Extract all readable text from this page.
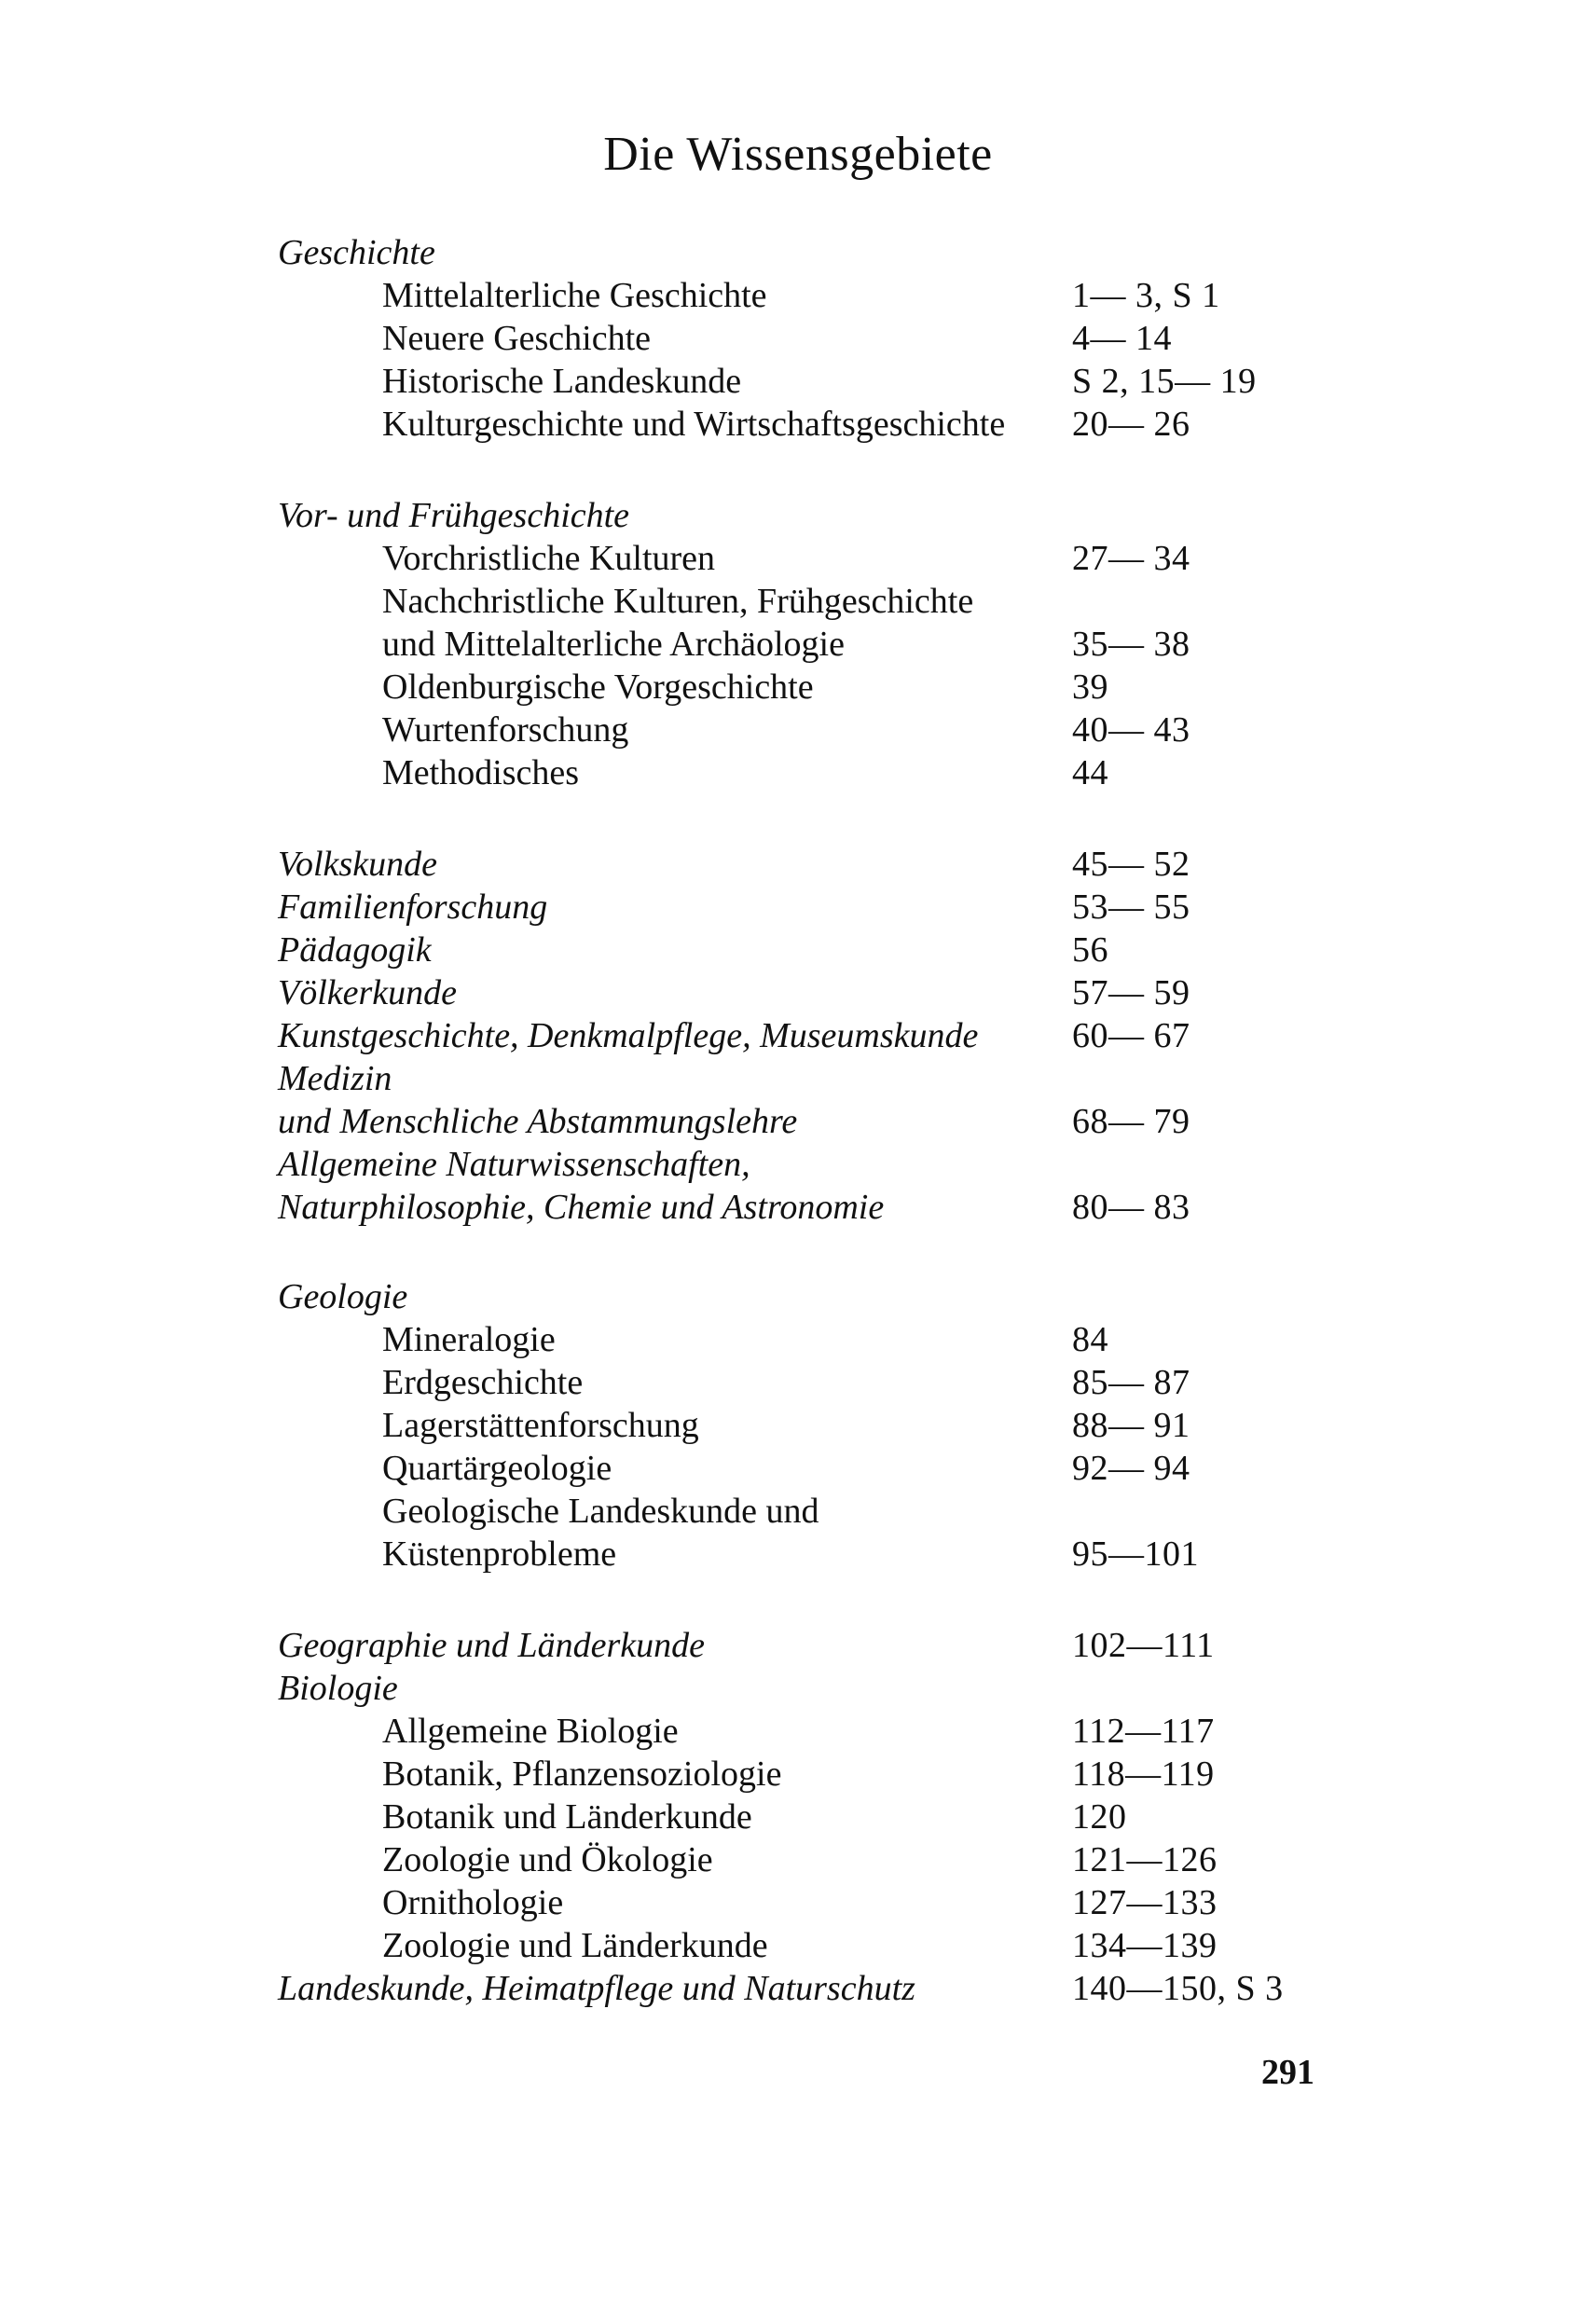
Die Wissensgebiete
Geschichte
Mittelalterliche Geschichte	1— 3, S 1
Neuere Geschichte	4— 14
Historische Landeskunde	S 2, 15— 19
Kulturgeschichte und Wirtschaftsgeschichte 20— 26
Vor- und Frühgeschichte
Vorchristliche Kulturen	27— 34
Nachchristliche Kulturen, Frühgeschichte
und Mittelalterliche Archäologie	35— 38
Oldenburgische Vorgeschichte	39
Wurtenforschung	40— 43
Methodisches	44
Volkskunde	45— 52
Familienforschung	53— 55
Pädagogik	56
Völkerkunde	57— 59
Kunstgeschichte, Denkmalpflege, Museumskunde	60— 67
Medizin
und Menschliche Abstammungslehre	68— 79
Allgemeine Naturwissenschaften,
Naturphilosophie, Chemie und Astronomie	80— 83
Geologie
Mineralogie	84
Erdgeschichte	85— 87
Lagerstättenforschung	88— 91
Quartärgeologie	92— 94
Geologische Landeskunde und
Küstenprobleme	95—101
Geographie und Länderkunde	102—111
Biologie
Allgemeine Biologie	112—117
Botanik, Pflanzensoziologie	118—119
Botanik und Länderkunde	120
Zoologie und Ökologie	121—126
Ornithologie	127—133
Zoologie und Länderkunde	134—139
Landeskunde, Heimatpflege und Naturschutz	140—150, S 3
291
